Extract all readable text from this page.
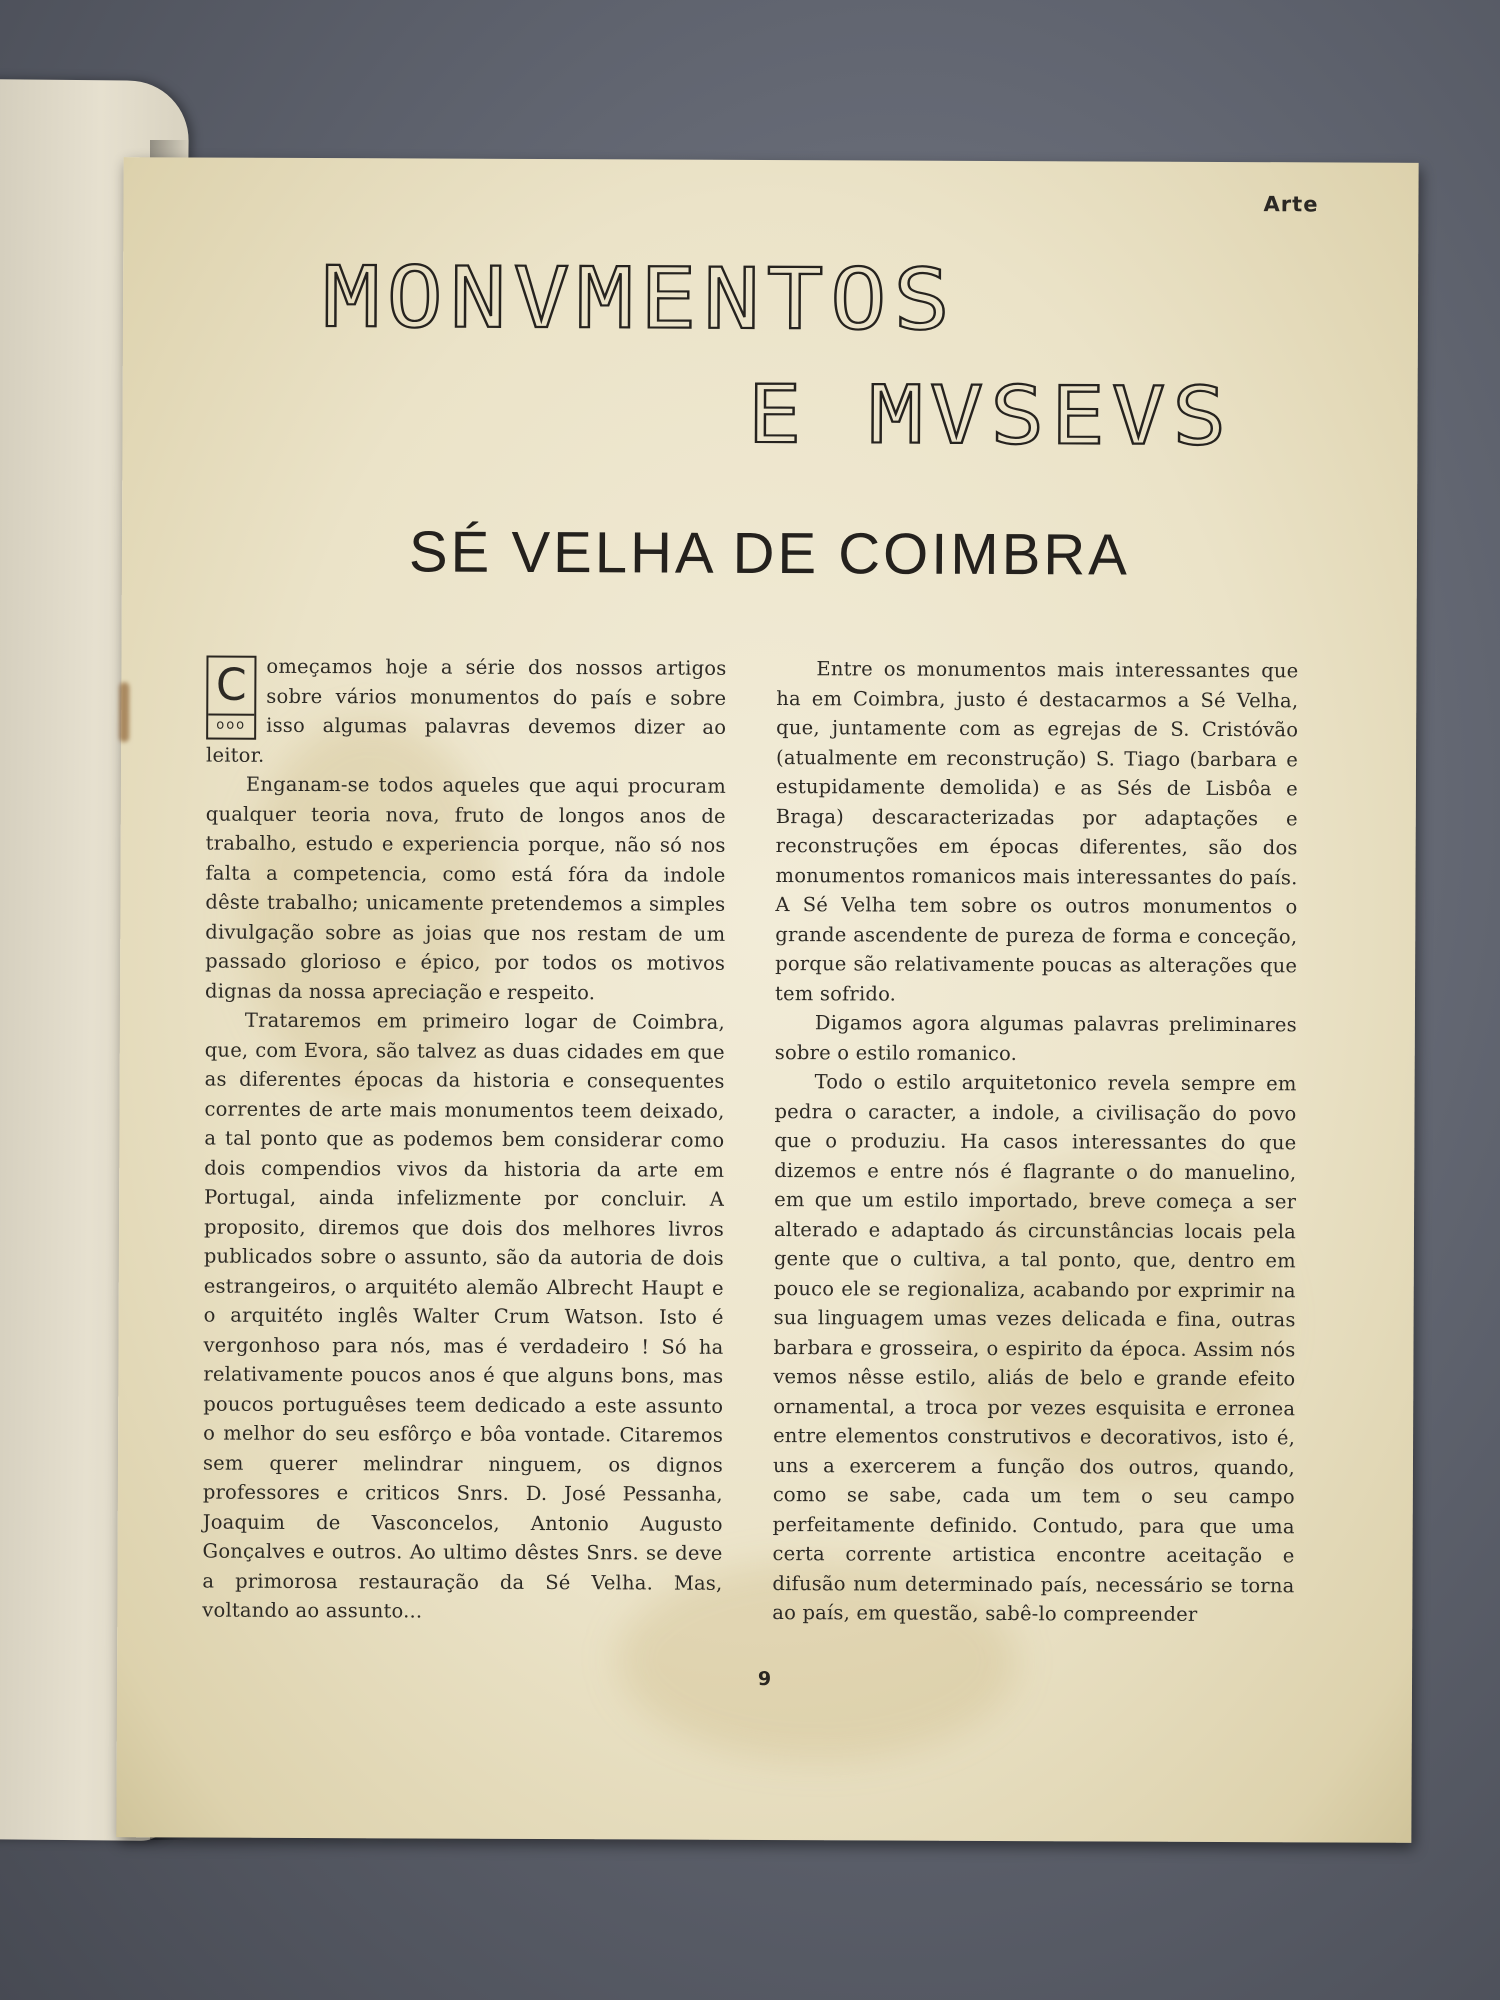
Arte
MONVMENTOS
E MVSEVS
SÉ VELHA DE COIMBRA
C
ooo

omeçamos hoje a série dos nossos artigos sobre vários monumentos do país e sobre isso algumas palavras devemos dizer ao leitor.

Enganam-se todos aqueles que aqui procuram qualquer teoria nova, fruto de longos anos de trabalho, estudo e experiencia porque, não só nos falta a competencia, como está fóra da indole dêste trabalho; unicamente pretendemos a simples divulgação sobre as joias que nos restam de um passado glorioso e épico, por todos os motivos dignas da nossa apreciação e respeito.

Trataremos em primeiro logar de Coimbra, que, com Evora, são talvez as duas cidades em que as diferentes épocas da historia e consequentes correntes de arte mais monumentos teem deixado, a tal ponto que as podemos bem considerar como dois compendios vivos da historia da arte em Portugal, ainda infelizmente por concluir. A proposito, diremos que dois dos melhores livros publicados sobre o assunto, são da autoria de dois estrangeiros, o arquitéto alemão Albrecht Haupt e o arquitéto inglês Walter Crum Watson. Isto é vergonhoso para nós, mas é verdadeiro ! Só ha relativamente poucos anos é que alguns bons, mas poucos portuguêses teem dedicado a este assunto o melhor do seu esfôrço e bôa vontade. Citaremos sem querer melindrar ninguem, os dignos professores e criticos Snrs. D. José Pessanha, Joaquim de Vasconcelos, Antonio Augusto Gonçalves e outros. Ao ultimo dêstes Snrs. se deve a primorosa restauração da Sé Velha. Mas, voltando ao assunto...

Entre os monumentos mais interessantes que ha em Coimbra, justo é destacarmos a Sé Velha, que, juntamente com as egrejas de S. Cristóvão (atualmente em reconstrução) S. Tiago (barbara e estupidamente demolida) e as Sés de Lisbôa e Braga) descaracterizadas por adaptações e reconstruções em épocas diferentes, são dos monumentos romanicos mais interessantes do país. A Sé Velha tem sobre os outros monumentos o grande ascendente de pureza de forma e conceção, porque são relativamente poucas as alterações que tem sofrido.

Digamos agora algumas palavras preliminares sobre o estilo romanico.

Todo o estilo arquitetonico revela sempre em pedra o caracter, a indole, a civilisação do povo que o produziu. Ha casos interessantes do que dizemos e entre nós é flagrante o do manuelino, em que um estilo importado, breve começa a ser alterado e adaptado ás circunstâncias locais pela gente que o cultiva, a tal ponto, que, dentro em pouco ele se regionaliza, acabando por exprimir na sua linguagem umas vezes delicada e fina, outras barbara e grosseira, o espirito da época. Assim nós vemos nêsse estilo, aliás de belo e grande efeito ornamental, a troca por vezes esquisita e erronea entre elementos construtivos e decorativos, isto é, uns a exercerem a função dos outros, quando, como se sabe, cada um tem o seu campo perfeitamente definido. Contudo, para que uma certa corrente artistica encontre aceitação e difusão num determinado país, necessário se torna ao país, em questão, sabê-lo compreender

9
